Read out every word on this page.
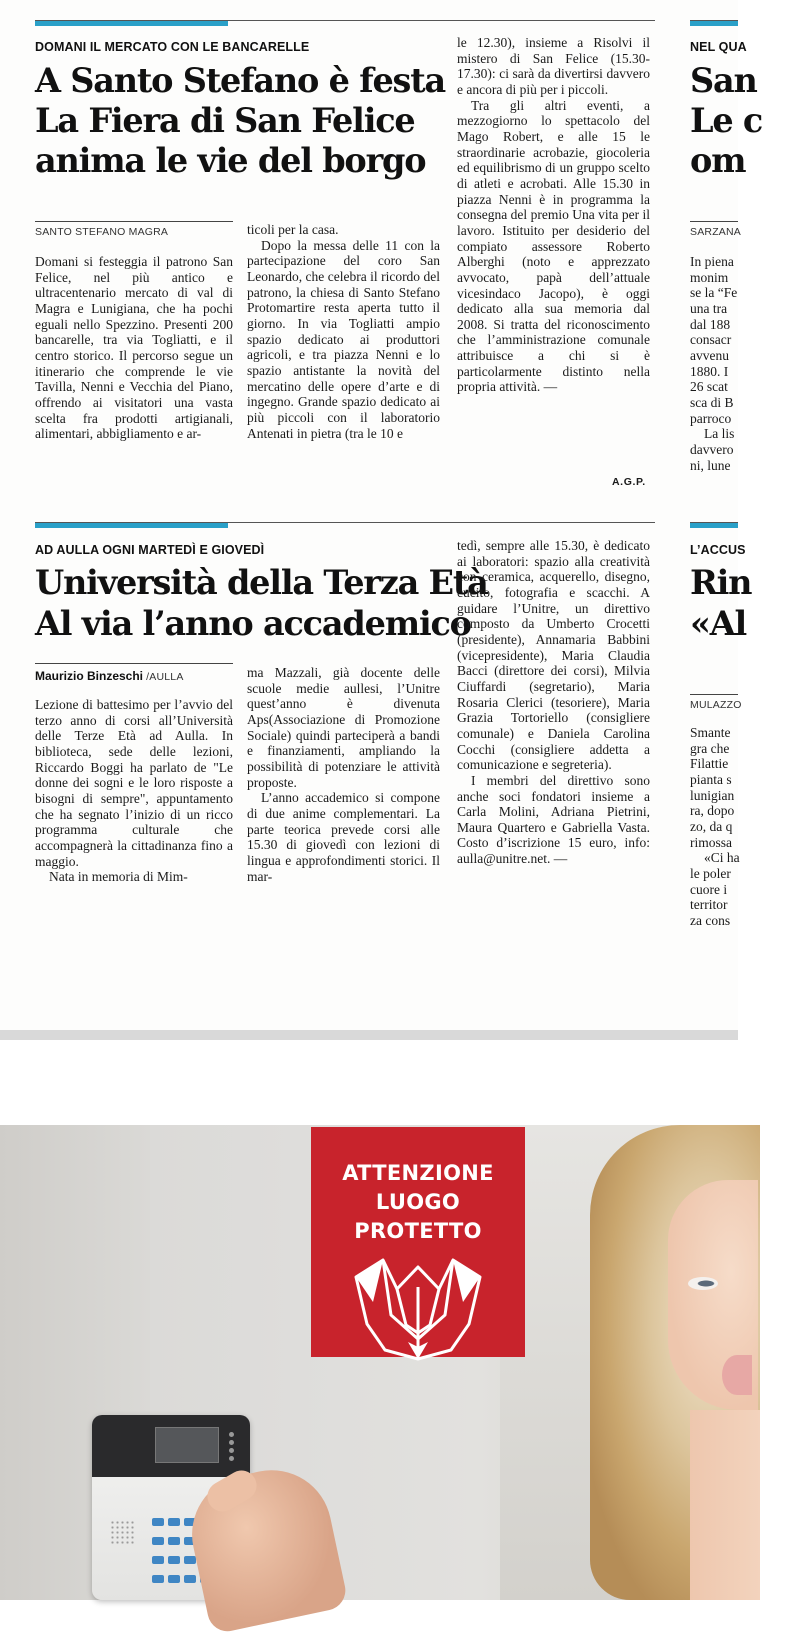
DOMANI IL MERCATO CON LE BANCARELLE
A Santo Stefano è festa
La Fiera di San Felice
anima le vie del borgo
SANTO STEFANO MAGRA

Domani si festeggia il patrono San Felice, nel più antico e ultracentenario mercato di val di Magra e Lunigiana, che ha pochi eguali nello Spezzino. Presenti 200 bancarelle, tra via Togliatti, e il centro storico. Il percorso segue un itinerario che comprende le vie Tavilla, Nenni e Vecchia del Piano, offrendo ai visitatori una vasta scelta fra prodotti artigianali, alimentari, abbigliamento e ar-

ticoli per la casa.

Dopo la messa delle 11 con la partecipazione del coro San Leonardo, che celebra il ricordo del patrono, la chiesa di Santo Stefano Protomartire resta aperta tutto il giorno. In via Togliatti ampio spazio dedicato ai produttori agricoli, e tra piazza Nenni e lo spazio antistante la novità del mercatino delle opere d’arte e di ingegno. Grande spazio dedicato ai più piccoli con il laboratorio Antenati in pietra (tra le 10 e

le 12.30), insieme a Risolvi il mistero di San Felice (15.30-17.30): ci sarà da divertirsi davvero e ancora di più per i piccoli.

Tra gli altri eventi, a mezzogiorno lo spettacolo del Mago Robert, e alle 15 le straordinarie acrobazie, giocoleria ed equilibrismo di un gruppo scelto di atleti e acrobati. Alle 15.30 in piazza Nenni è in programma la consegna del premio Una vita per il lavoro. Istituito per desiderio del compiato assessore Roberto Alberghi (noto e apprezzato avvocato, papà dell’attuale vicesindaco Jacopo), è oggi dedicato alla sua memoria dal 2008. Si tratta del riconoscimento che l’amministrazione comunale attribuisce a chi si è particolarmente distinto nella propria attività. —

A.G.P.
NEL QUA
San
Le c
om
SARZANA
In piena
monim
se la “Fe
una tra
dal 188
consacr
avvenu
1880. I
26 scat
sca di B
parroco
La lis
davvero
ni, lune
AD AULLA OGNI MARTEDÌ E GIOVEDÌ
Università della Terza Età
Al via l’anno accademico
Maurizio Binzeschi /AULLA

Lezione di battesimo per l’avvio del terzo anno di corsi all’Università delle Terze Età ad Aulla. In biblioteca, sede delle lezioni, Riccardo Boggi ha parlato de "Le donne dei sogni e le loro risposte a bisogni di sempre", appuntamento che ha segnato l’inizio di un ricco programma culturale che accompagnerà la cittadinanza fino a maggio.

Nata in memoria di Mim-

ma Mazzali, già docente delle scuole medie aullesi, l’Unitre quest’anno è divenuta Aps(Associazione di Promozione Sociale) quindi parteciperà a bandi e finanziamenti, ampliando la possibilità di potenziare le attività proposte.

L’anno accademico si compone di due anime complementari. La parte teorica prevede corsi alle 15.30 di giovedì con lezioni di lingua e approfondimenti storici. Il mar-

tedì, sempre alle 15.30, è dedicato ai laboratori: spazio alla creatività con ceramica, acquerello, disegno, cucito, fotografia e scacchi. A guidare l’Unitre, un direttivo composto da Umberto Crocetti (presidente), Annamaria Babbini (vicepresidente), Maria Claudia Bacci (direttore dei corsi), Milvia Ciuffardi (segretario), Maria Rosaria Clerici (tesoriere), Maria Grazia Tortoriello (consigliere comunale) e Daniela Carolina Cocchi (consigliere addetta a comunicazione e segreteria).

I membri del direttivo sono anche soci fondatori insieme a Carla Molini, Adriana Pietrini, Maura Quartero e Gabriella Vasta. Costo d’iscrizione 15 euro, info: aulla@unitre.net. —

L’ACCUS
Rin
«Al
MULAZZO
Smante
gra che
Filattie
pianta s
lunigian
ra, dopo
zo, da q
rimossa
«Ci ha
le poler
cuore i
territor
za cons
ATTENZIONE
LUOGO
PROTETTO
